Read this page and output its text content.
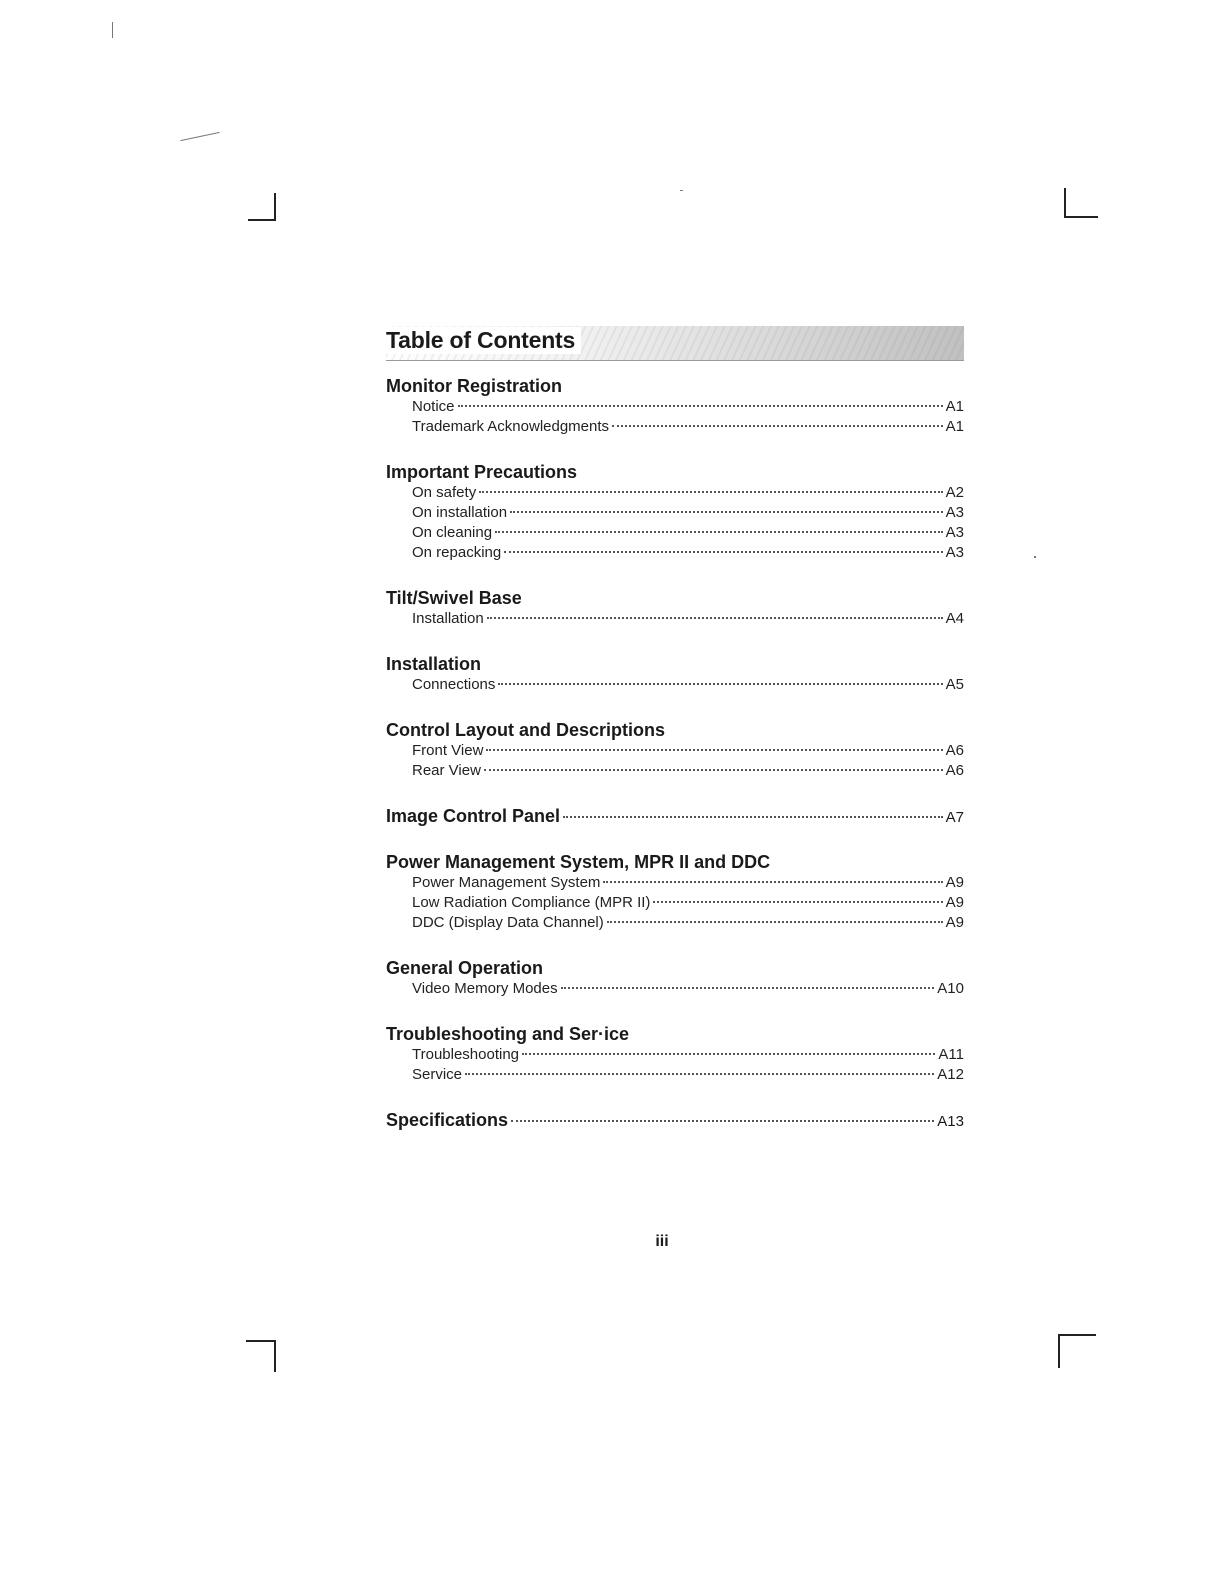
Table of Contents
Monitor Registration
Notice	A1
Trademark Acknowledgments	A1
Important Precautions
On safety	A2
On installation	A3
On cleaning	A3
On repacking	A3
Tilt/Swivel Base
Installation	A4
Installation
Connections	A5
Control Layout and Descriptions
Front View	A6
Rear View	A6
Image Control Panel	A7
Power Management System, MPR II and DDC
Power Management System	A9
Low Radiation Compliance (MPR II)	A9
DDC (Display Data Channel)	A9
General Operation
Video Memory Modes	A10
Troubleshooting and Ser·ice
Troubleshooting	A11
Service	A12
Specifications	A13
iii
